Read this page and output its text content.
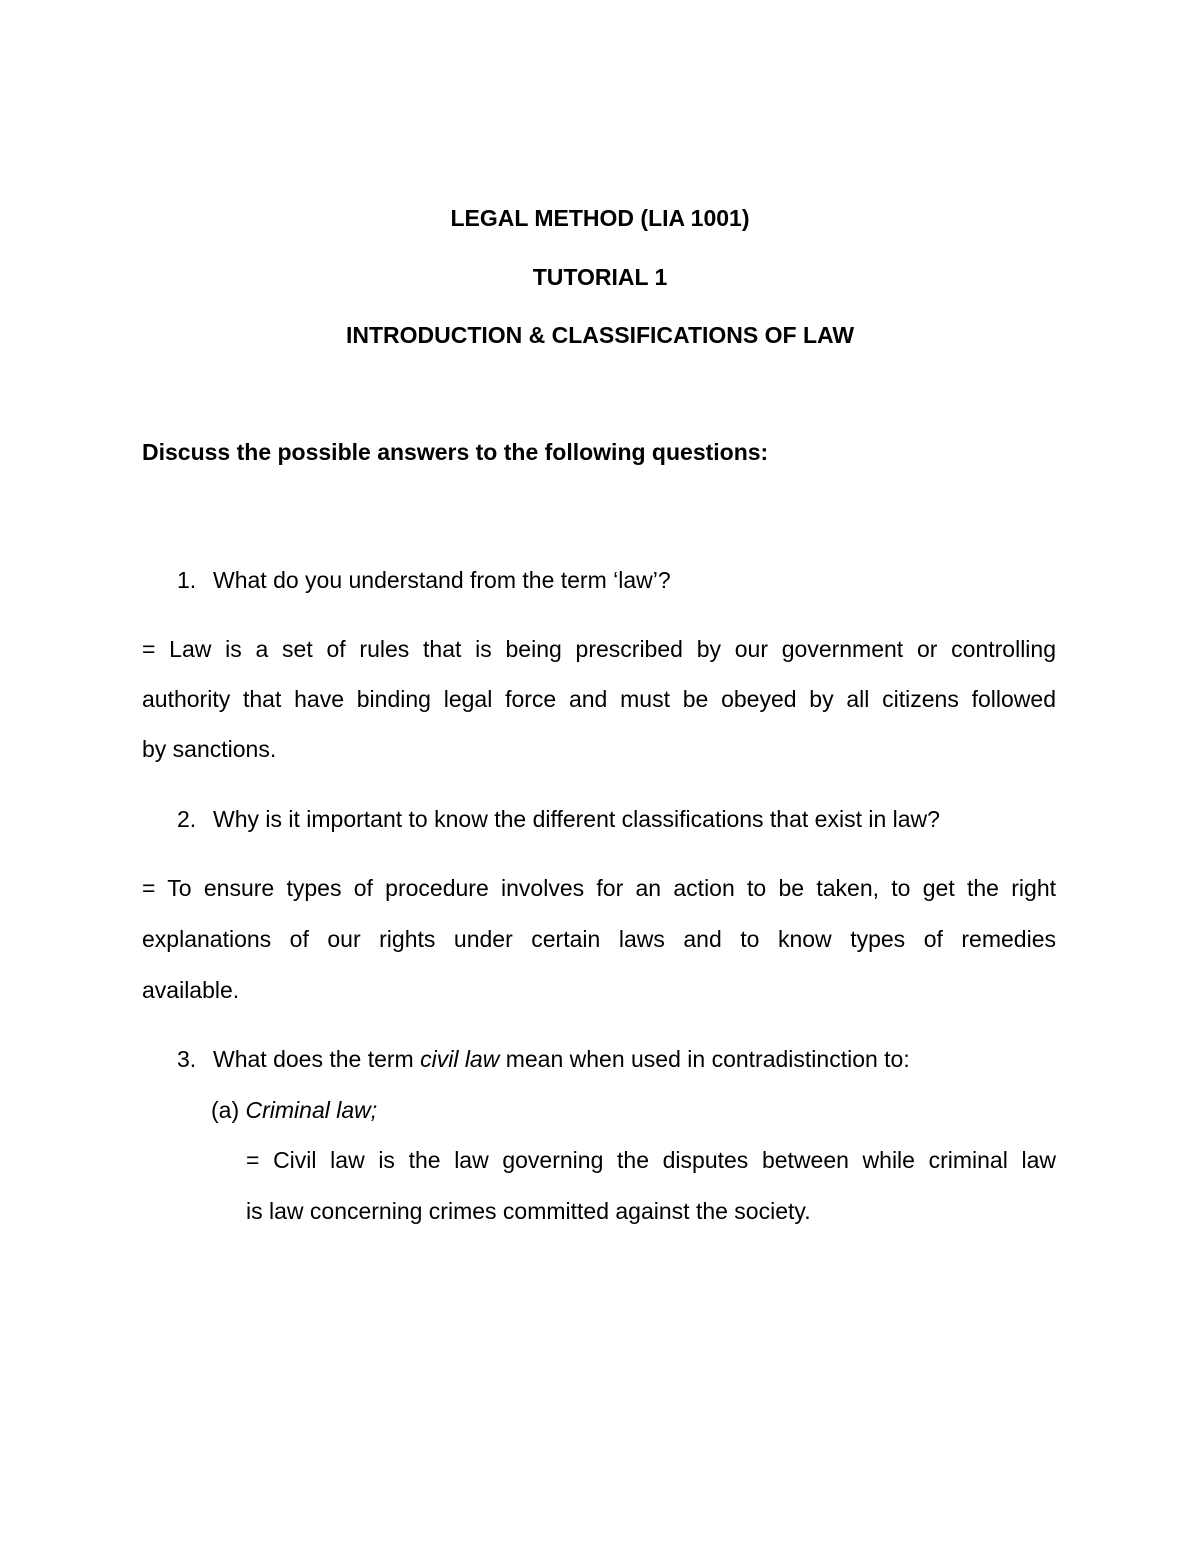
LEGAL METHOD (LIA 1001)
TUTORIAL 1
INTRODUCTION & CLASSIFICATIONS OF LAW
Discuss the possible answers to the following questions:
1. What do you understand from the term ‘law’?
= Law is a set of rules that is being prescribed by our government or controlling
authority that have binding legal force and must be obeyed by all citizens followed
by sanctions.
2. Why is it important to know the different classifications that exist in law?
= To ensure types of procedure involves for an action to be taken, to get the right
explanations of our rights under certain laws and to know types of remedies
available.
3. What does the term civil law mean when used in contradistinction to:
(a) Criminal law;
= Civil law is the law governing the disputes between while criminal law
is law concerning crimes committed against the society.
